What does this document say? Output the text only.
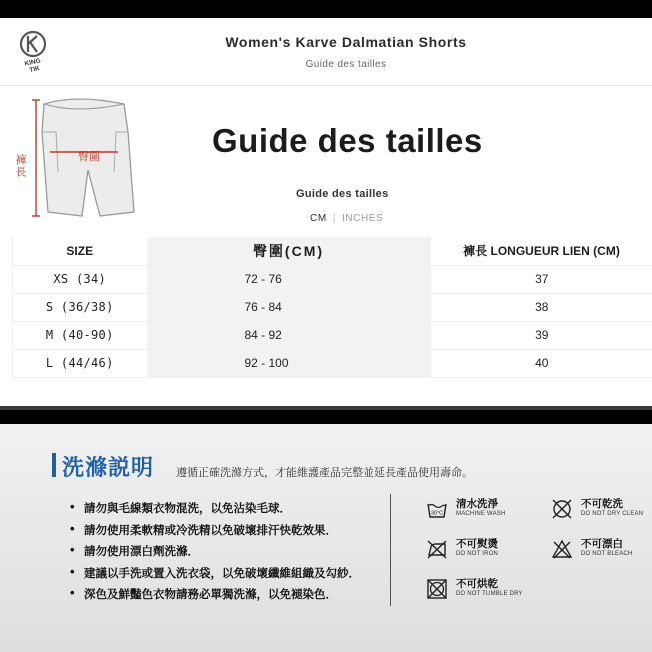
KING
TIK
Women's Karve Dalmatian Shorts
Guide des tailles
臀圍
褲長
Guide des tailles
Guide des tailles
CM | INCHES
SIZE	臀圍(CM)	褲長 LONGUEUR LIEN (CM)
XS (34)	72 - 76	37
S (36/38)	76 - 84	38
M (40-90)	84 - 92	39
L (44/46)	92 - 100	40
洗滌説明 遵循正確洗滌方式，才能維護產品完整並延長產品使用壽命。
• 請勿與毛線類衣物混洗，以免沾染毛球．
• 請勿使用柔軟精或冷洗精以免破壞排汗快乾效果．
• 請勿使用漂白劑洗滌．
• 建議以手洗或置入洗衣袋，以免破壞纖維組織及勾紗．
• 深色及鮮豔色衣物請務必單獨洗滌，以免褪染色．
30°C
清水洗淨
MACHINE WASH
不可乾洗
DO NOT DRY CLEAN
不可熨燙
DO NOT IRON
不可漂白
DO NOT BLEACH
不可烘乾
DO NOT TUMBLE DRY
